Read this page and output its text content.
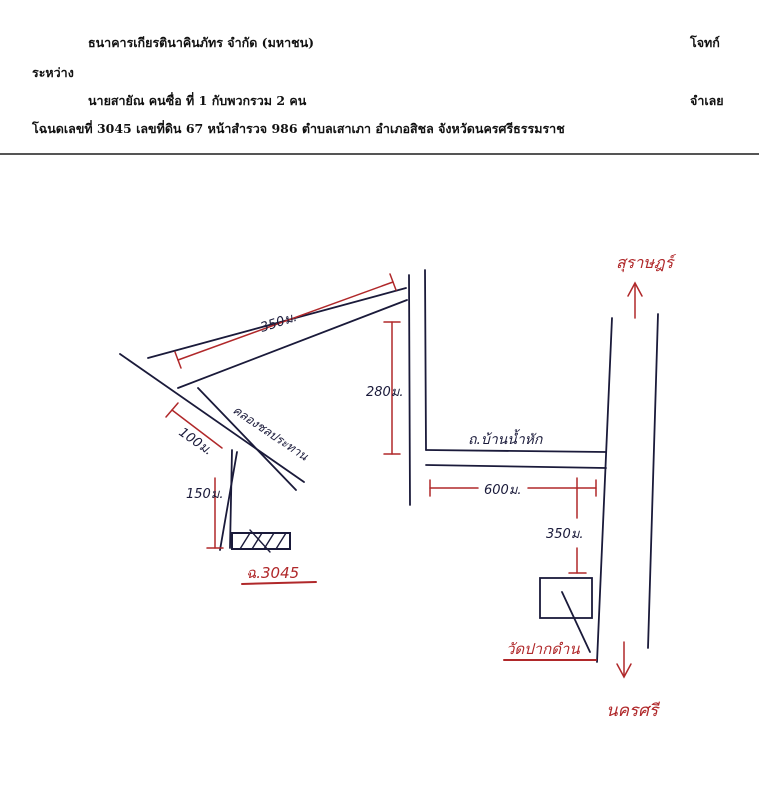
ธนาคารเกียรตินาคินภัทร จำกัด (มหาชน)	โจทก์
ระหว่าง
นายสายัณ คนซื่อ ที่ 1 กับพวกรวม 2 คน	จำเลย
โฉนดเลขที่ 3045 เลขที่ดิน 67 หน้าสำรวจ 986 ตำบลเสาเภา อำเภอสิชล จังหวัดนครศรีธรรมราช
350ม.
280ม.
100ม.
150ม.	600ม.
350ม.
คลองชลประทาน	ถ.บ้านน้ำหัก
สุราษฎร์
นครศรี
วัดปากดำน
ฉ.3045
